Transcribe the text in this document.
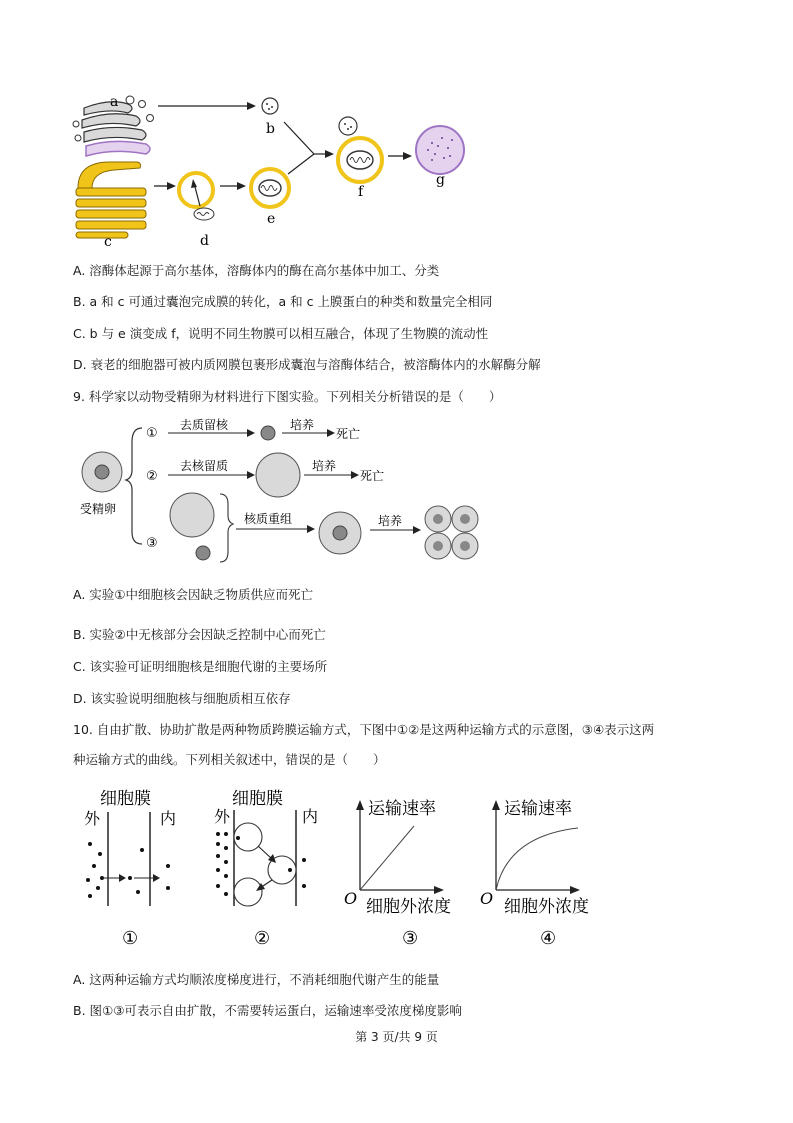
a
b
c	d
e
f
g
A. 溶酶体起源于高尔基体，溶酶体内的酶在高尔基体中加工、分类
B. a 和 c 可通过囊泡完成膜的转化，a 和 c 上膜蛋白的种类和数量完全相同
C. b 与 e 演变成 f，说明不同生物膜可以相互融合，体现了生物膜的流动性
D. 衰老的细胞器可被内质网膜包裹形成囊泡与溶酶体结合，被溶酶体内的水解酶分解
9. 科学家以动物受精卵为材料进行下图实验。下列相关分析错误的是（　　）
受精卵
①
去质留核	培养
死亡
②
去核留质	培养
死亡
③
核质重组	培养
A. 实验①中细胞核会因缺乏物质供应而死亡
B. 实验②中无核部分会因缺乏控制中心而死亡
C. 该实验可证明细胞核是细胞代谢的主要场所
D. 该实验说明细胞核与细胞质相互依存
10. 自由扩散、协助扩散是两种物质跨膜运输方式，下图中①②是这两种运输方式的示意图，③④表示这两
种运输方式的曲线。下列相关叙述中，错误的是（　　）
细胞膜
外	内
①
细胞膜
外	内
②
运输速率
O 细胞外浓度
③
运输速率
O 细胞外浓度
④
A. 这两种运输方式均顺浓度梯度进行，不消耗细胞代谢产生的能量
B. 图①③可表示自由扩散，不需要转运蛋白，运输速率受浓度梯度影响
第 3 页/共 9 页
